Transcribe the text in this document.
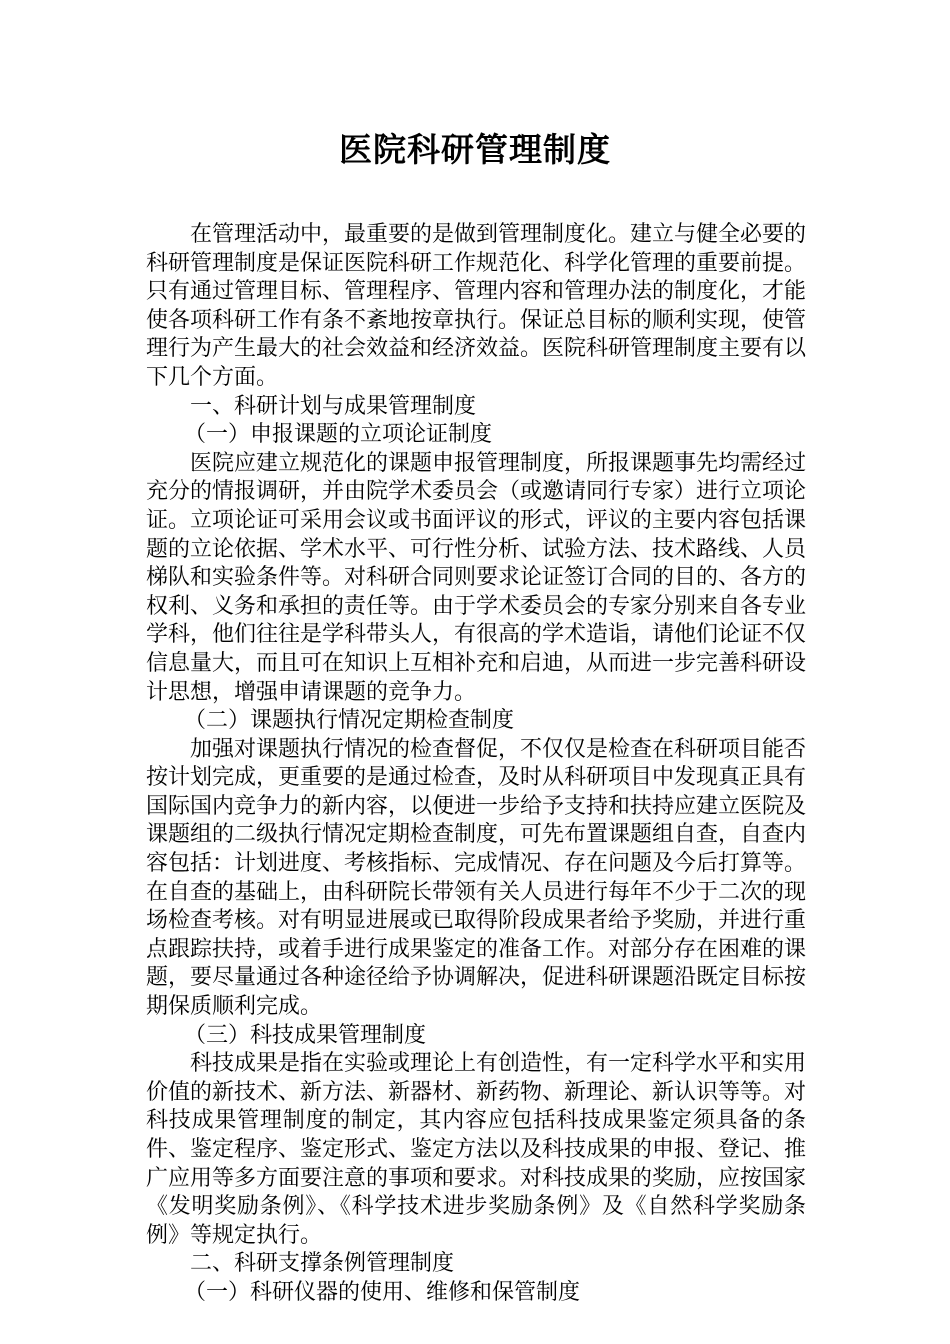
医院科研管理制度

在管理活动中，最重要的是做到管理制度化。建立与健全必要的科研管理制度是保证医院科研工作规范化、科学化管理的重要前提。只有通过管理目标、管理程序、管理内容和管理办法的制度化，才能使各项科研工作有条不紊地按章执行。保证总目标的顺利实现，使管理行为产生最大的社会效益和经济效益。医院科研管理制度主要有以下几个方面。

一、科研计划与成果管理制度

（一）申报课题的立项论证制度

医院应建立规范化的课题申报管理制度，所报课题事先均需经过充分的情报调研，并由院学术委员会（或邀请同行专家）进行立项论证。立项论证可采用会议或书面评议的形式，评议的主要内容包括课题的立论依据、学术水平、可行性分析、试验方法、技术路线、人员梯队和实验条件等。对科研合同则要求论证签订合同的目的、各方的权利、义务和承担的责任等。由于学术委员会的专家分别来自各专业学科，他们往往是学科带头人，有很高的学术造诣，请他们论证不仅信息量大，而且可在知识上互相补充和启迪，从而进一步完善科研设计思想，增强申请课题的竞争力。

（二）课题执行情况定期检查制度

加强对课题执行情况的检查督促，不仅仅是检查在科研项目能否按计划完成，更重要的是通过检查，及时从科研项目中发现真正具有国际国内竞争力的新内容，以便进一步给予支持和扶持应建立医院及课题组的二级执行情况定期检查制度，可先布置课题组自查，自查内容包括：计划进度、考核指标、完成情况、存在问题及今后打算等。在自查的基础上，由科研院长带领有关人员进行每年不少于二次的现场检查考核。对有明显进展或已取得阶段成果者给予奖励，并进行重点跟踪扶持，或着手进行成果鉴定的准备工作。对部分存在困难的课题，要尽量通过各种途径给予协调解决，促进科研课题沿既定目标按期保质顺利完成。

（三）科技成果管理制度

科技成果是指在实验或理论上有创造性，有一定科学水平和实用价值的新技术、新方法、新器材、新药物、新理论、新认识等等。对科技成果管理制度的制定，其内容应包括科技成果鉴定须具备的条件、鉴定程序、鉴定形式、鉴定方法以及科技成果的申报、登记、推广应用等多方面要注意的事项和要求。对科技成果的奖励，应按国家《发明奖励条例》、《科学技术进步奖励条例》及《自然科学奖励条例》等规定执行。

二、科研支撑条例管理制度

（一）科研仪器的使用、维修和保管制度
